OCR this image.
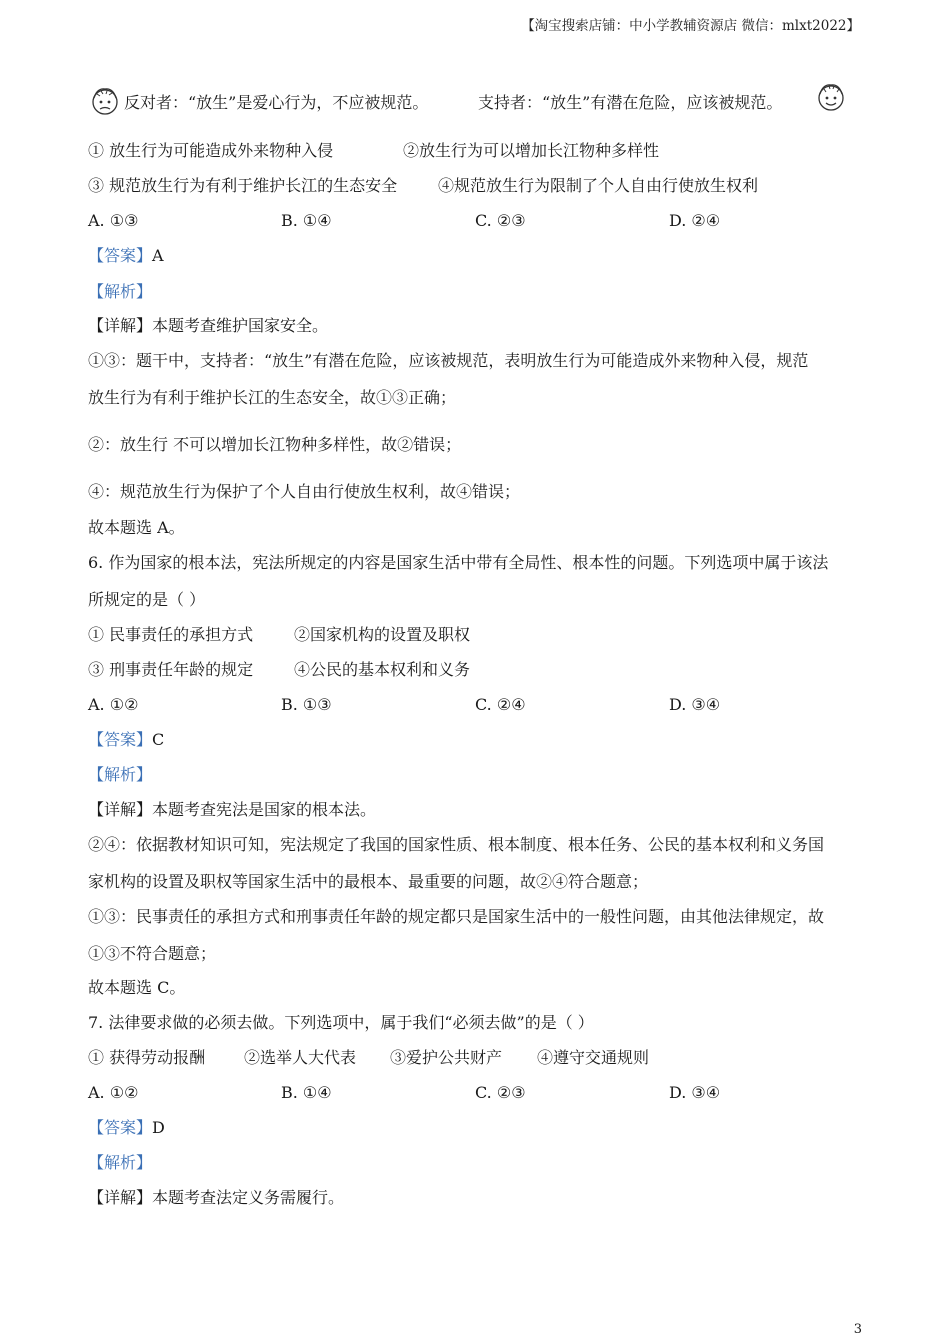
【淘宝搜索店铺：中小学教辅资源店 微信：mlxt2022】
反对者：“放生”是爱心行为，不应被规范。	支持者：“放生”有潜在危险，应该被规范。
① 放生行为可能造成外来物种入侵	②放生行为可以增加长江物种多样性
③ 规范放生行为有利于维护长江的生态安全	④规范放生行为限制了个人自由行使放生权利
A. ①③	B. ①④	C. ②③	D. ②④
【答案】A
【解析】
【详解】本题考查维护国家安全。
①③：题干中，支持者：“放生”有潜在危险，应该被规范，表明放生行为可能造成外来物种入侵，规范
放生行为有利于维护长江的生态安全，故①③正确；
②：放生行 不可以增加长江物种多样性，故②错误；
④：规范放生行为保护了个人自由行使放生权利，故④错误；
故本题选 A。
6. 作为国家的根本法，宪法所规定的内容是国家生活中带有全局性、根本性的问题。下列选项中属于该法
所规定的是（ ）
① 民事责任的承担方式	②国家机构的设置及职权
③ 刑事责任年龄的规定	④公民的基本权利和义务
A. ①②	B. ①③	C. ②④	D. ③④
【答案】C
【解析】
【详解】本题考查宪法是国家的根本法。
②④：依据教材知识可知，宪法规定了我国的国家性质、根本制度、根本任务、公民的基本权利和义务国
家机构的设置及职权等国家生活中的最根本、最重要的问题，故②④符合题意；
①③：民事责任的承担方式和刑事责任年龄的规定都只是国家生活中的一般性问题，由其他法律规定，故
①③不符合题意；
故本题选 C。
7. 法律要求做的必须去做。下列选项中，属于我们“必须去做”的是（ ）
① 获得劳动报酬 ②选举人大代表 ③爱护公共财产 ④遵守交通规则
A. ①②	B. ①④	C. ②③	D. ③④
【答案】D
【解析】
【详解】本题考查法定义务需履行。
3
